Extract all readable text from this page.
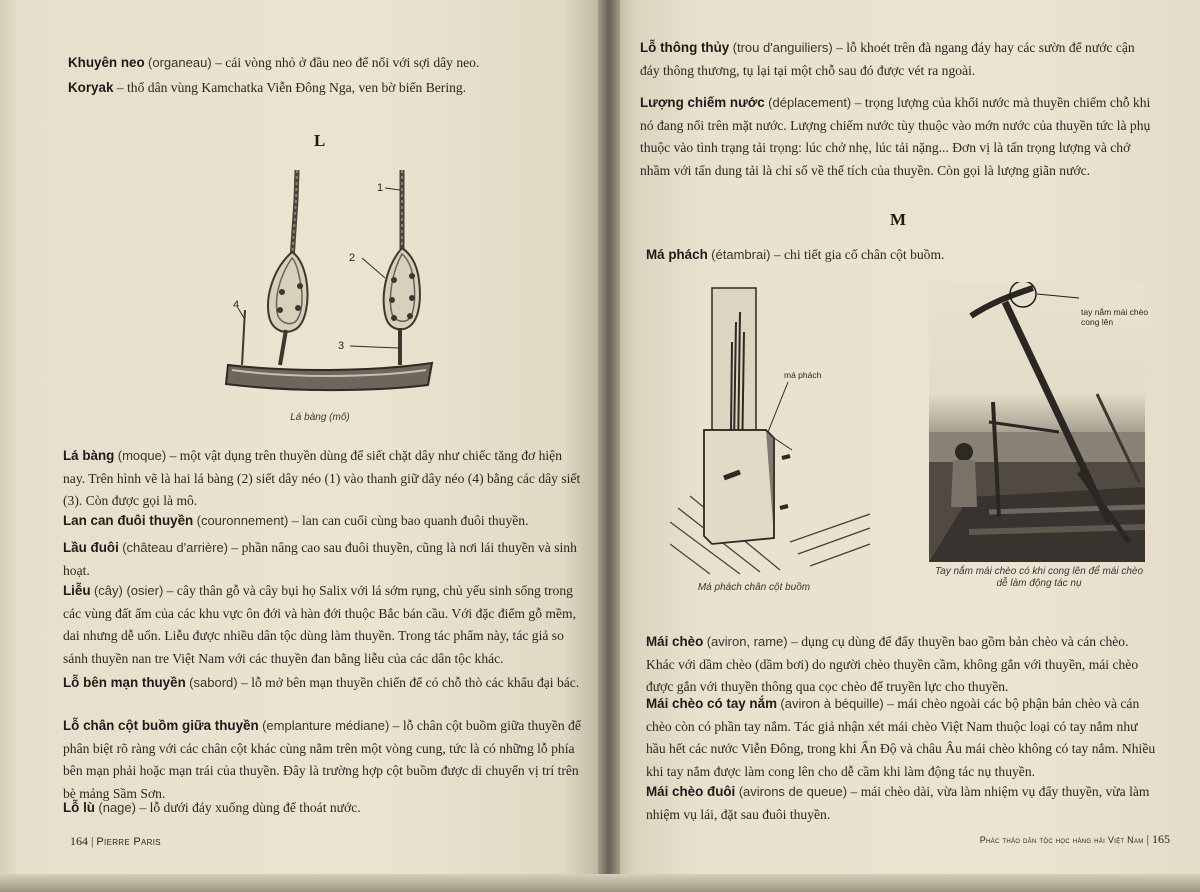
Khuyên neo (organeau) – cái vòng nhỏ ở đầu neo để nối với sợi dây neo.
Koryak – thổ dân vùng Kamchatka Viễn Đông Nga, ven bờ biển Bering.
L
1
2
3
4
Lá bàng (mô)
Lá bàng (moque) – một vật dụng trên thuyền dùng để siết chặt dây như chiếc tăng đơ hiện nay. Trên hình vẽ là hai lá bàng (2) siết dây néo (1) vào thanh giữ dây néo (4) bằng các dây siết (3). Còn được gọi là mô.
Lan can đuôi thuyền (couronnement) – lan can cuối cùng bao quanh đuôi thuyền.
Lầu đuôi (château d'arrière) – phần nâng cao sau đuôi thuyền, cũng là nơi lái thuyền và sinh hoạt.
Liễu (cây) (osier) – cây thân gỗ và cây bụi họ Salix với lá sớm rụng, chủ yếu sinh sống trong các vùng đất ẩm của các khu vực ôn đới và hàn đới thuộc Bắc bán cầu. Với đặc điểm gỗ mềm, dai nhưng dễ uốn. Liễu được nhiều dân tộc dùng làm thuyền. Trong tác phẩm này, tác giả so sánh thuyền nan tre Việt Nam với các thuyền đan bằng liễu của các dân tộc khác.
Lỗ bên mạn thuyền (sabord) – lỗ mở bên mạn thuyền chiến để có chỗ thò các khẩu đại bác.
Lỗ chân cột buồm giữa thuyền (emplanture médiane) – lỗ chân cột buồm giữa thuyền để phân biệt rõ ràng với các chân cột khác cùng nằm trên một vòng cung, tức là có những lỗ phía bên mạn phải hoặc mạn trái của thuyền. Đây là trường hợp cột buồm được di chuyển vị trí trên bè mảng Sầm Sơn.
Lỗ lù (nage) – lỗ dưới đáy xuống dùng để thoát nước.
164 | Pierre Paris
Lỗ thông thủy (trou d'anguiliers) – lỗ khoét trên đà ngang đáy hay các sườn để nước cận đáy thông thương, tụ lại tại một chỗ sau đó được vét ra ngoài.
Lượng chiếm nước (déplacement) – trọng lượng của khối nước mà thuyền chiếm chỗ khi nó đang nổi trên mặt nước. Lượng chiếm nước tùy thuộc vào mớn nước của thuyền tức là phụ thuộc vào tình trạng tải trọng: lúc chở nhẹ, lúc tải nặng... Đơn vị là tấn trọng lượng và chớ nhầm với tấn dung tải là chỉ số về thể tích của thuyền. Còn gọi là lượng giãn nước.
M
Má phách (étambrai) – chi tiết gia cố chân cột buồm.
má phách
Má phách chân cột buồm
tay nắm mái chèo cong lên
Tay nắm mái chèo có khi cong lên để mái chèo dễ làm động tác nụ
Mái chèo (aviron, rame) – dụng cụ dùng để đẩy thuyền bao gồm bản chèo và cán chèo. Khác với dầm chèo (dầm bơi) do người chèo thuyền cầm, không gắn với thuyền, mái chèo được gắn với thuyền thông qua cọc chèo để truyền lực cho thuyền.
Mái chèo có tay nắm (aviron à béquille) – mái chèo ngoài các bộ phận bản chèo và cán chèo còn có phần tay nắm. Tác giả nhận xét mái chèo Việt Nam thuộc loại có tay nắm như hầu hết các nước Viễn Đông, trong khi Ấn Độ và châu Âu mái chèo không có tay nắm. Nhiều khi tay nắm được làm cong lên cho dễ cầm khi làm động tác nụ thuyền.
Mái chèo đuôi (avirons de queue) – mái chèo dài, vừa làm nhiệm vụ đẩy thuyền, vừa làm nhiệm vụ lái, đặt sau đuôi thuyền.
Phác thảo dân tộc học hàng hải Việt Nam | 165
